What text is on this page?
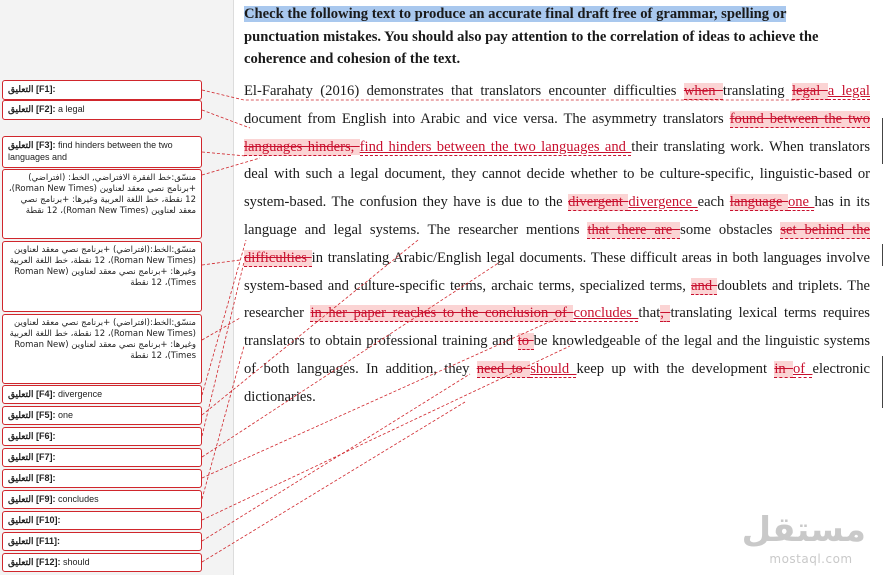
التعليق [F1]:
التعليق [F2]: a legal
التعليق [F3]: find hinders between the two languages and
منسّق:خط الفقرة الافتراضي, الخط: (افتراضي) +برنامج نصي معقد لعناوين (Roman New Times)، 12 نقطة، خط اللغة العربية وغيرها: +برنامج نصي معقد لعناوين (Roman New Times)، 12 نقطة
منسّق:الخط:(افتراضي) +برنامج نصي معقد لعناوين (Roman New Times)، 12 نقطة، خط اللغة العربية وغيرها: +برنامج نصي معقد لعناوين (Roman New Times)، 12 نقطة
منسّق:الخط:(افتراضي) +برنامج نصي معقد لعناوين (Roman New Times)، 12 نقطة، خط اللغة العربية وغيرها: +برنامج نصي معقد لعناوين (Roman New Times)، 12 نقطة
التعليق [F4]: divergence
التعليق [F5]: one
التعليق [F6]:
التعليق [F7]:
التعليق [F8]:
التعليق [F9]: concludes
التعليق [F10]:
التعليق [F11]:
التعليق [F12]: should
Check the following text to produce an accurate final draft free of grammar, spelling or punctuation mistakes. You should also pay attention to the correlation of ideas to achieve the coherence and cohesion of the text.
El-Farahaty (2016) demonstrates that translators encounter difficulties when translating legal a legal document from English into Arabic and vice versa. The asymmetry translators found between the two languages hinders, find hinders between the two languages and their translating work. When translators deal with such a legal document, they cannot decide whether to be culture-specific, linguistic-based or system-based. The confusion they have is due to the divergent divergence each language one has in its language and legal systems. The researcher mentions that there are some obstacles set behind the difficulties in translating Arabic/English legal documents. These difficult areas in both languages involve system-based and culture-specific terms, archaic terms, specialized terms, and doublets and triplets. The researcher in her paper reaches to the conclusion of concludes that, translating lexical terms requires translators to obtain professional training and to be knowledgeable of the legal and the linguistic systems of both languages. In addition, they need to should keep up with the development in of electronic dictionaries.
مستقل
mostaql.com
